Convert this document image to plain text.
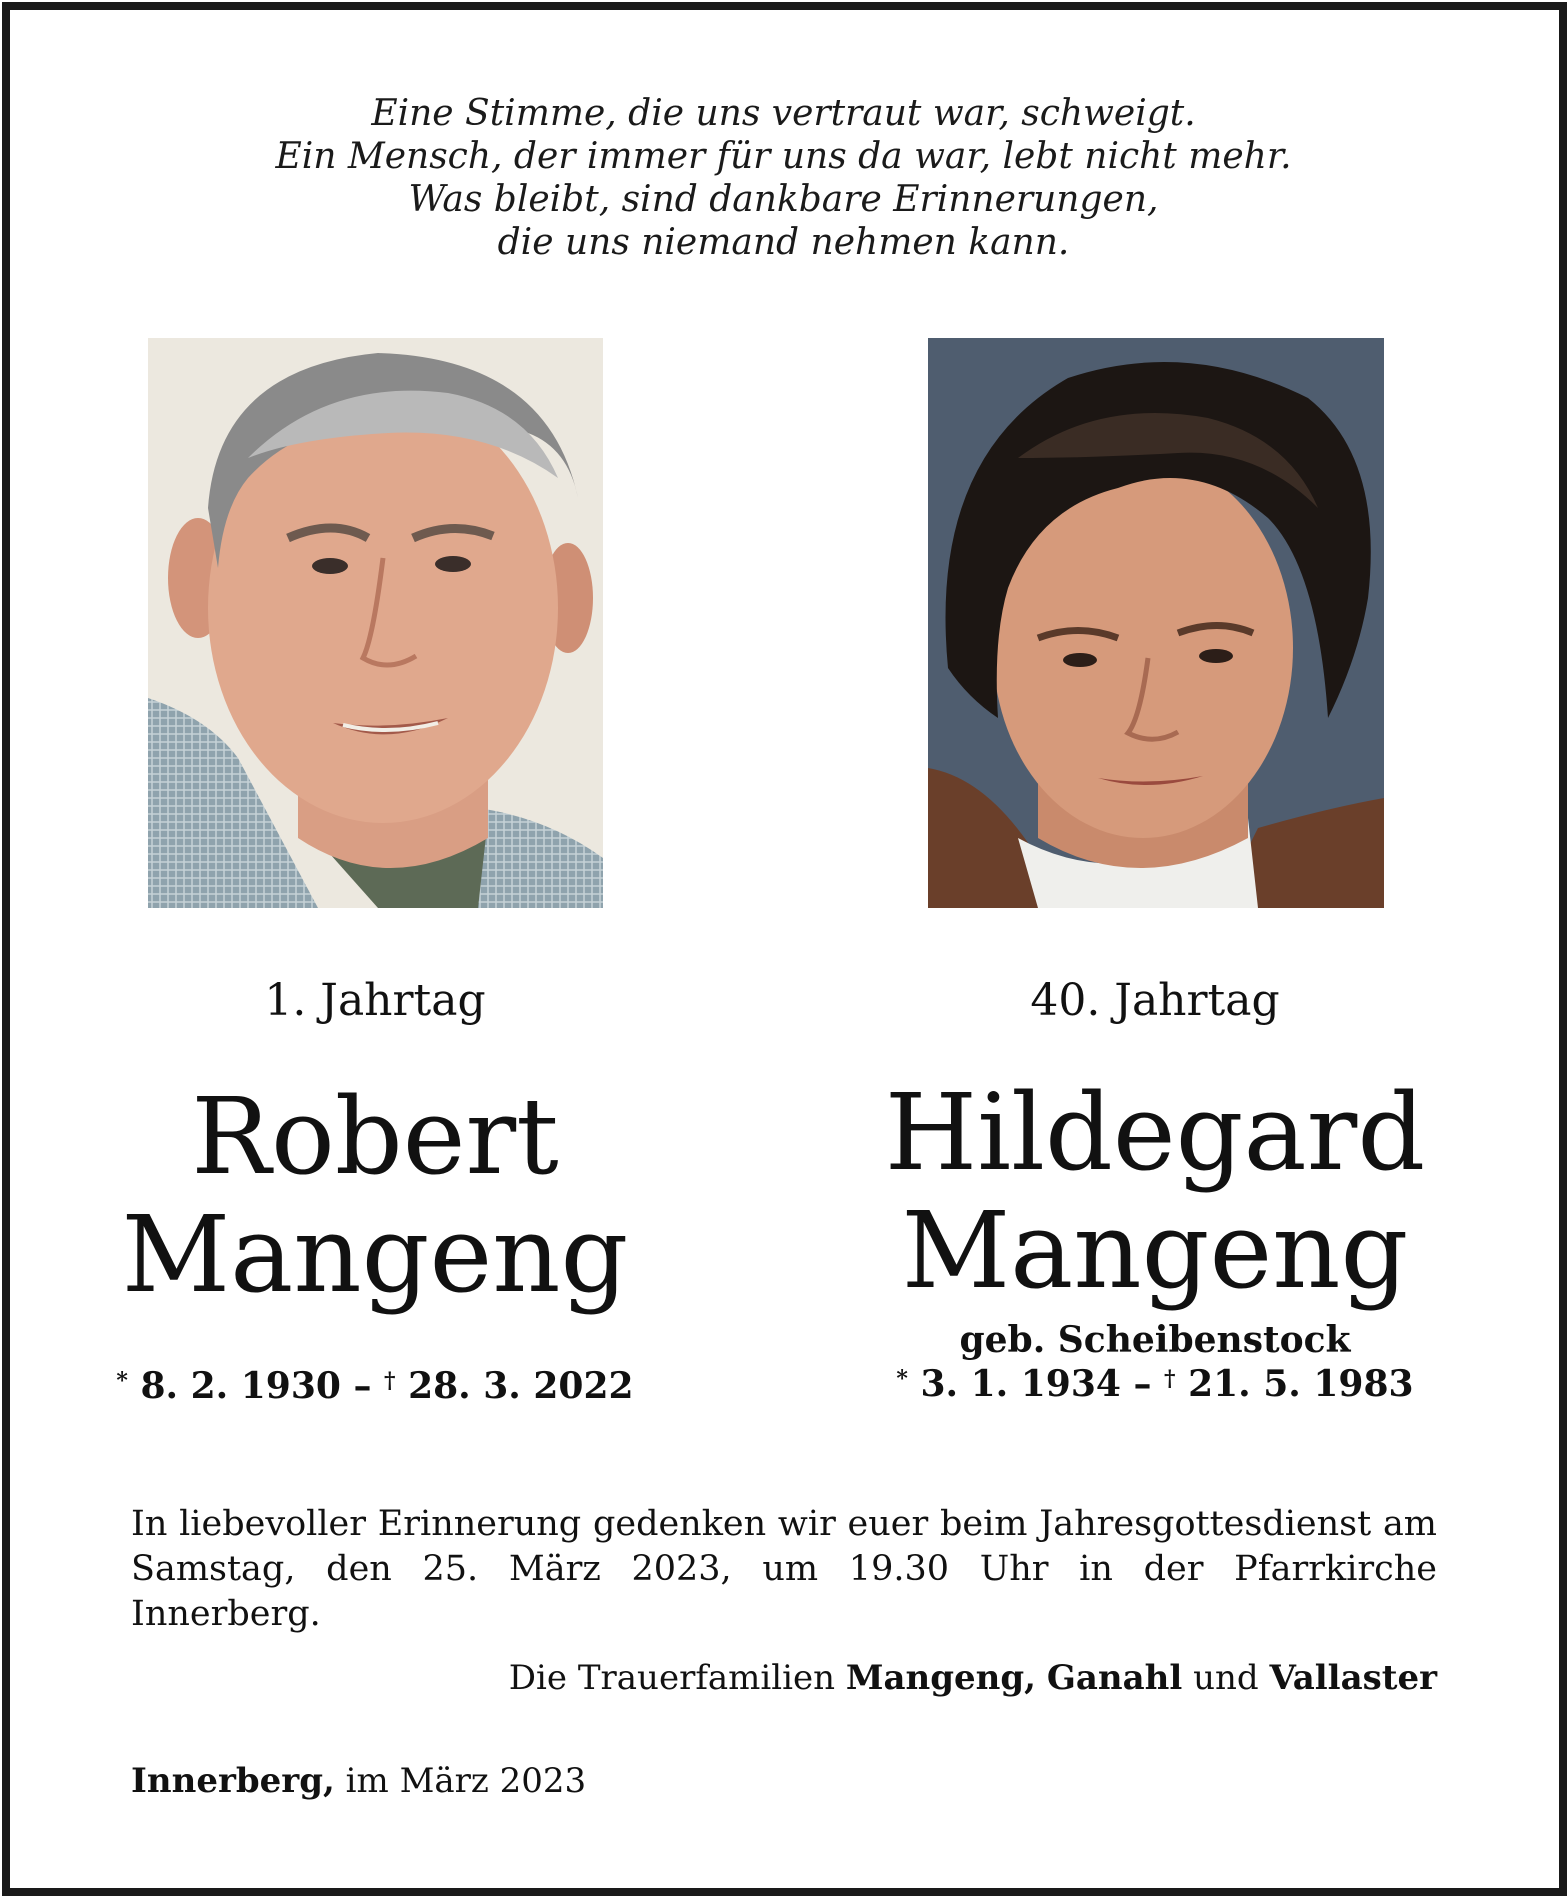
Eine Stimme, die uns vertraut war, schweigt.
Ein Mensch, der immer für uns da war, lebt nicht mehr.
Was bleibt, sind dankbare Erinnerungen,
die uns niemand nehmen kann.
1. Jahrtag
Robert
Mangeng
* 8. 2. 1930 – † 28. 3. 2022
40. Jahrtag
Hildegard
Mangeng
geb. Scheibenstock
* 3. 1. 1934 – † 21. 5. 1983
In liebevoller Erinnerung gedenken wir euer beim Jahresgottesdienst am Samstag, den 25. März 2023, um 19.30 Uhr in der Pfarrkirche Innerberg.
Die Trauerfamilien Mangeng, Ganahl und Vallaster
Innerberg, im März 2023
